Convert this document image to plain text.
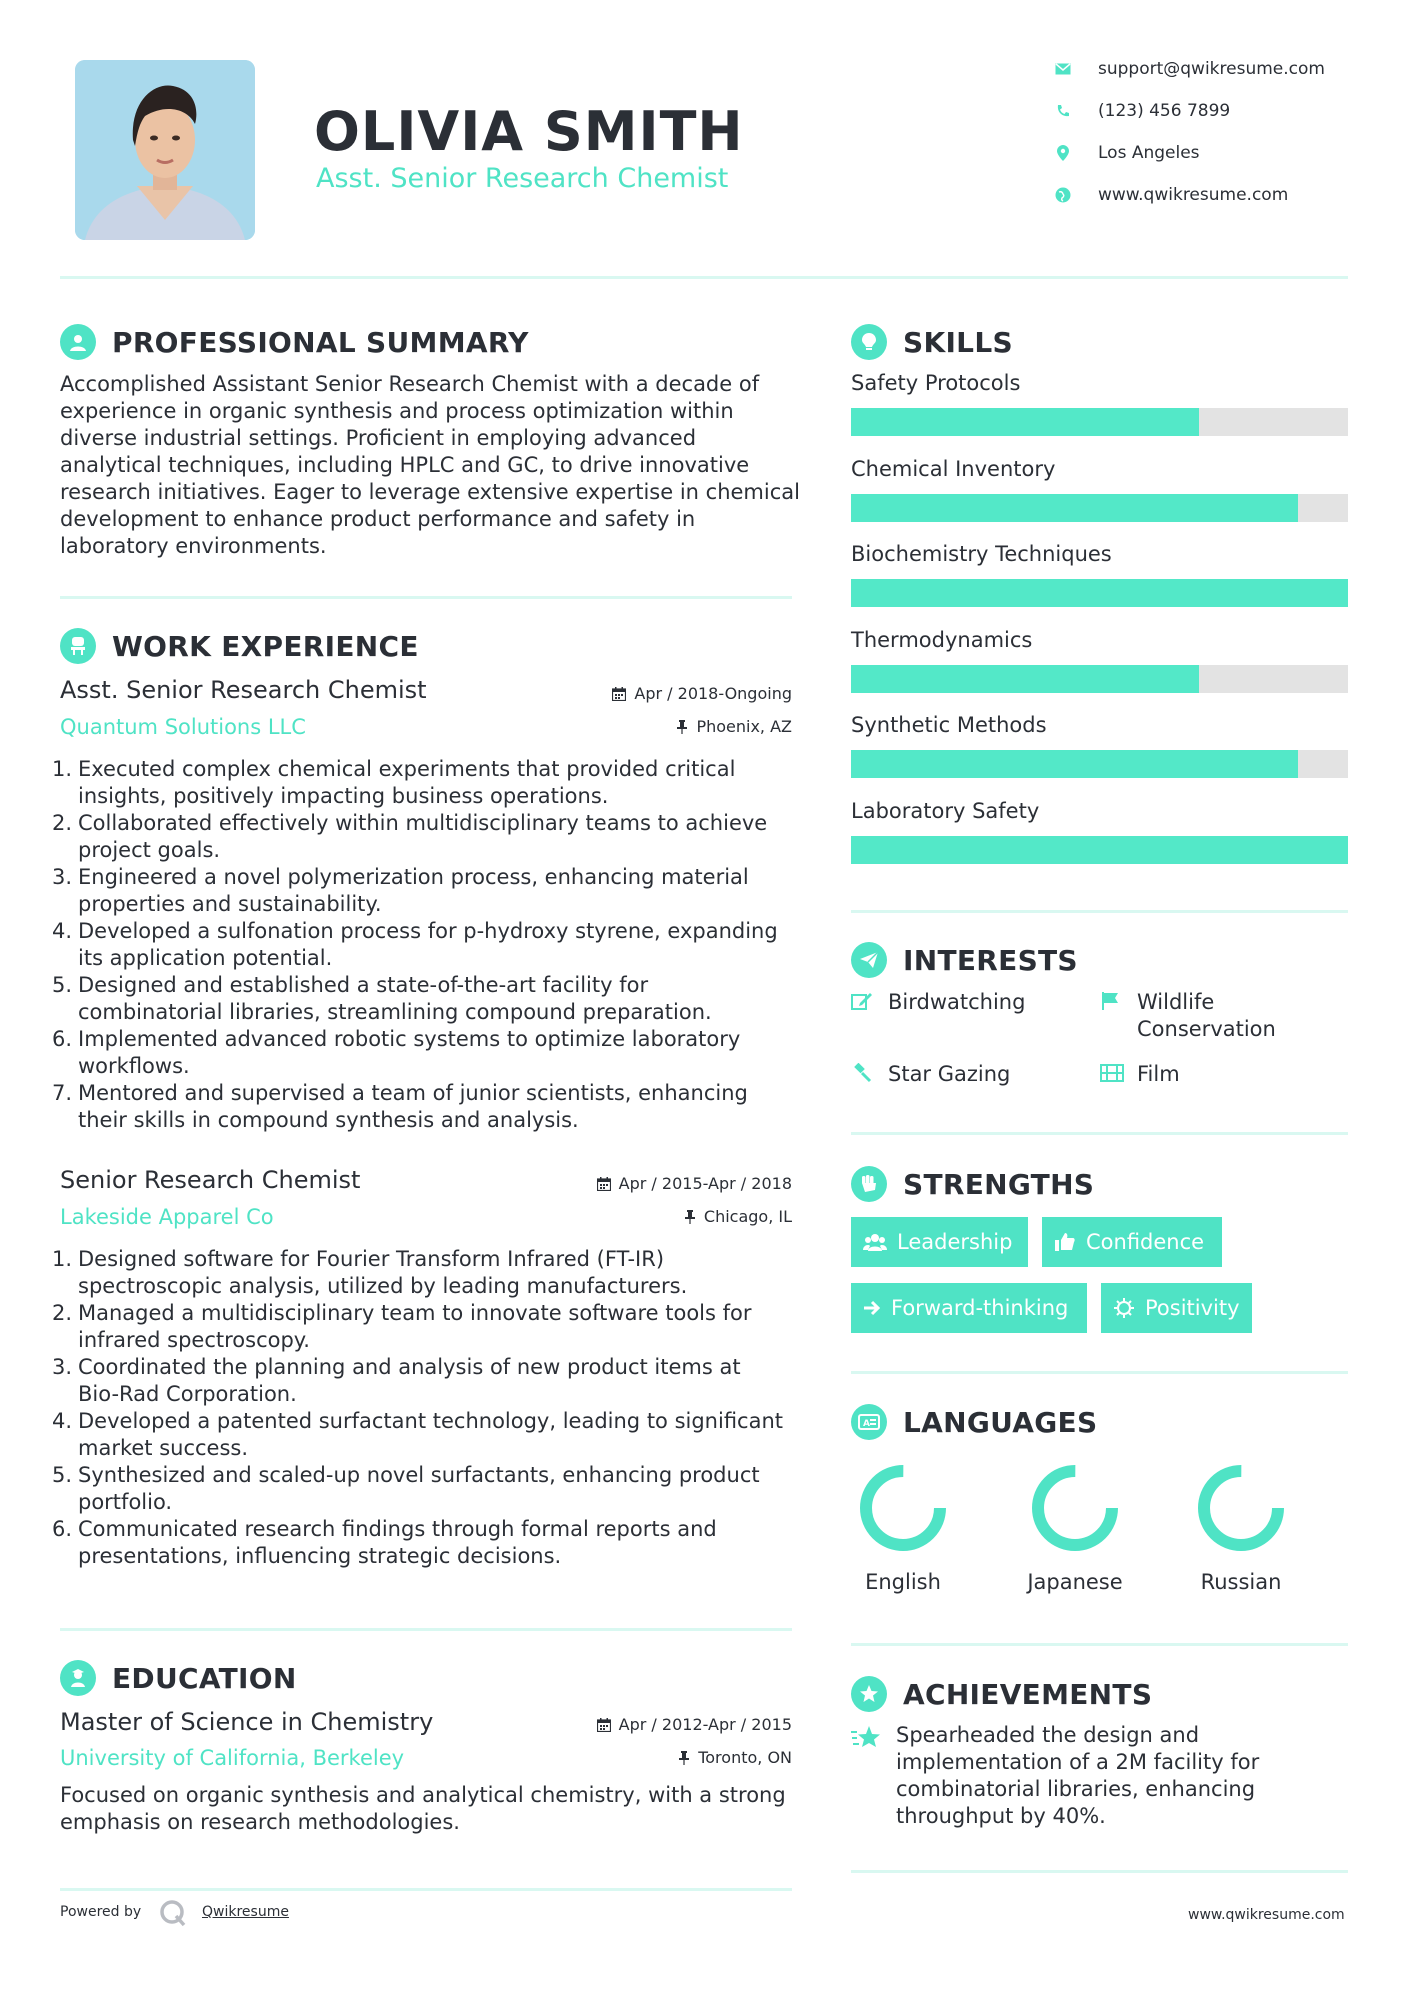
OLIVIA SMITH
Asst. Senior Research Chemist
support@qwikresume.com
(123) 456 7899
Los Angeles
www.qwikresume.com
PROFESSIONAL SUMMARY
Accomplished Assistant Senior Research Chemist with a decade of
experience in organic synthesis and process optimization within
diverse industrial settings. Proficient in employing advanced
analytical techniques, including HPLC and GC, to drive innovative
research initiatives. Eager to leverage extensive expertise in chemical
development to enhance product performance and safety in
laboratory environments.
WORK EXPERIENCE
Asst. Senior Research Chemist
Quantum Solutions LLC
Apr / 2018-Ongoing
Phoenix, AZ
1. Executed complex chemical experiments that provided critical
insights, positively impacting business operations.
2. Collaborated effectively within multidisciplinary teams to achieve
project goals.
3. Engineered a novel polymerization process, enhancing material
properties and sustainability.
4. Developed a sulfonation process for p-hydroxy styrene, expanding
its application potential.
5. Designed and established a state-of-the-art facility for
combinatorial libraries, streamlining compound preparation.
6. Implemented advanced robotic systems to optimize laboratory
workflows.
7. Mentored and supervised a team of junior scientists, enhancing
their skills in compound synthesis and analysis.
Senior Research Chemist
Lakeside Apparel Co
Apr / 2015-Apr / 2018
Chicago, IL
1. Designed software for Fourier Transform Infrared (FT-IR)
spectroscopic analysis, utilized by leading manufacturers.
2. Managed a multidisciplinary team to innovate software tools for
infrared spectroscopy.
3. Coordinated the planning and analysis of new product items at
Bio-Rad Corporation.
4. Developed a patented surfactant technology, leading to significant
market success.
5. Synthesized and scaled-up novel surfactants, enhancing product
portfolio.
6. Communicated research findings through formal reports and
presentations, influencing strategic decisions.
EDUCATION
Master of Science in Chemistry
University of California, Berkeley
Apr / 2012-Apr / 2015
Toronto, ON
Focused on organic synthesis and analytical chemistry, with a strong
emphasis on research methodologies.
Powered by	Qwikresume	www.qwikresume.com
SKILLS
Safety Protocols
Chemical Inventory
Biochemistry Techniques
Thermodynamics
Synthetic Methods
Laboratory Safety
INTERESTS
Birdwatching	Wildlife
Conservation
Star Gazing	Film
STRENGTHS
Leadership	Confidence
Forward-thinking	Positivity
A LANGUAGES
English	Japanese	Russian
ACHIEVEMENTS
Spearheaded the design and
implementation of a 2M facility for
combinatorial libraries, enhancing
throughput by 40%.
